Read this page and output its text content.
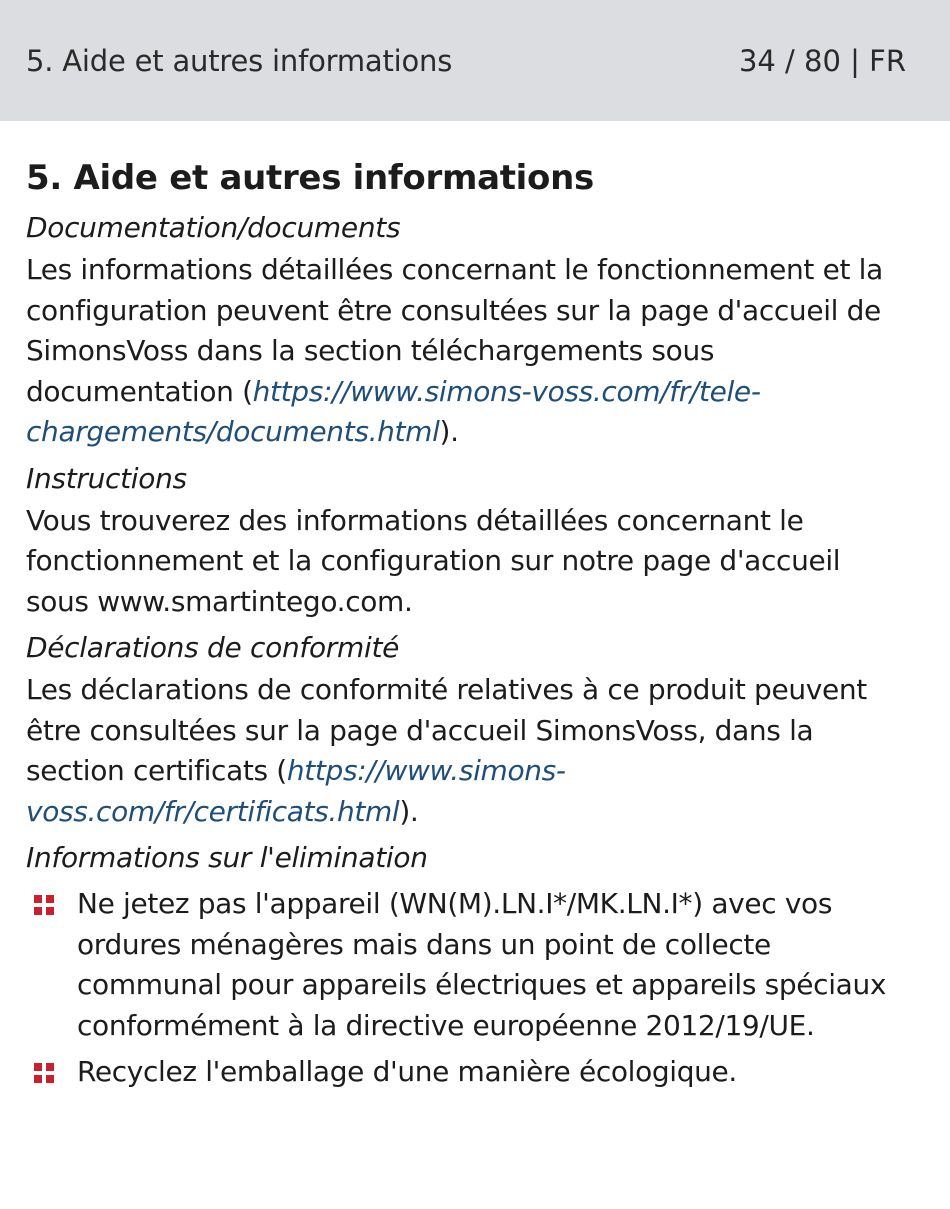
5. Aide et autres informations	34 / 80 | FR
5. Aide et autres informations
Documentation/documents

Les informations détaillées concernant le fonctionnement et la configuration peuvent être consultées sur la page d'accueil de SimonsVoss dans la section téléchargements sous documentation (https://www.simons-voss.com/fr/telechargements/documents.html).

Instructions

Vous trouverez des informations détaillées concernant le fonctionnement et la configuration sur notre page d'accueil sous www.smartintego.com.

Déclarations de conformité

Les déclarations de conformité relatives à ce produit peuvent être consultées sur la page d'accueil SimonsVoss, dans la section certificats (https://www.simons-voss.com/fr/certificats.html).

Informations sur l'elimination
Ne jetez pas l'appareil (WN(M).LN.I*/MK.LN.I*) avec vos ordures ménagères mais dans un point de collecte communal pour appareils électriques et appareils spéciaux conformément à la directive européenne 2012/19/UE.
Recyclez l'emballage d'une manière écologique.
